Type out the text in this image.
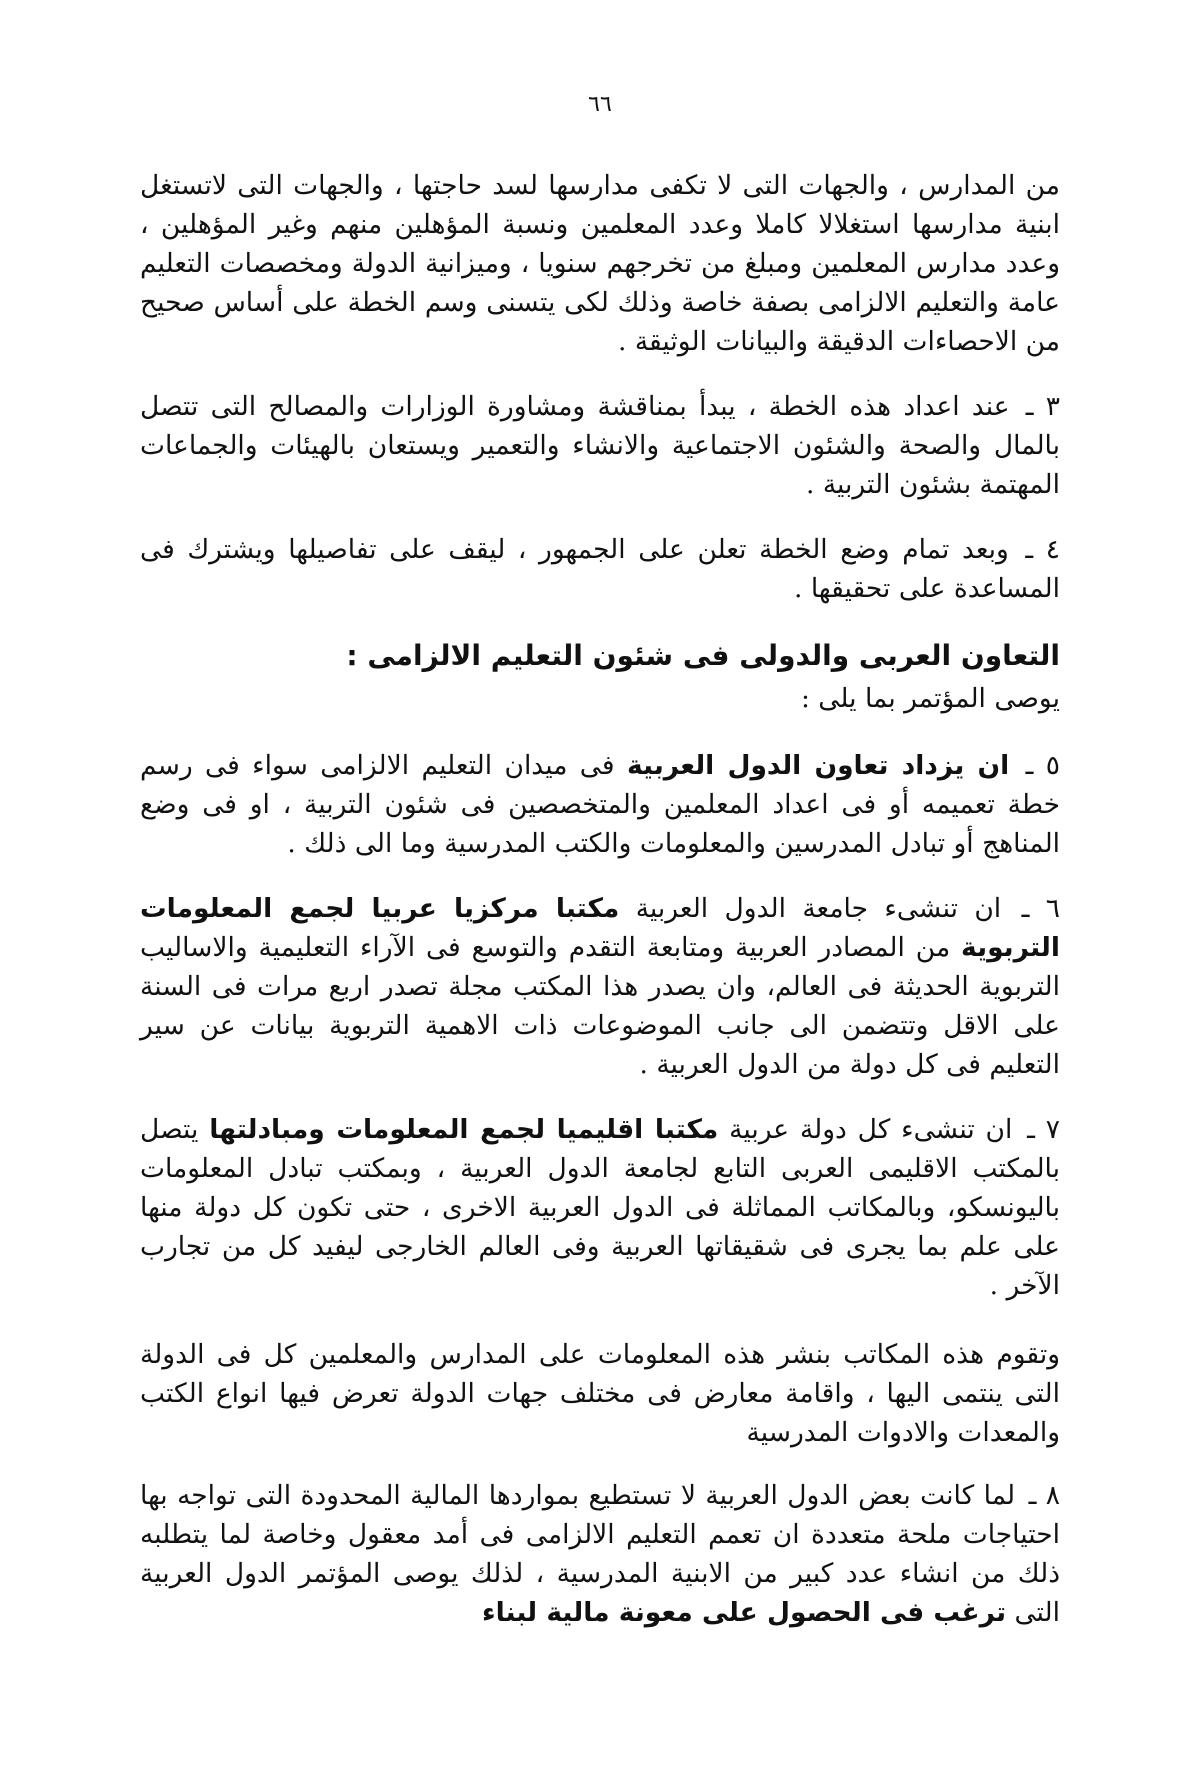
٦٦

من المدارس ، والجهات التى لا تكفى مدارسها لسد حاجتها ، والجهات التى لاتستغل ابنية مدارسها استغلالا كاملا وعدد المعلمين ونسبة المؤهلين منهم وغير المؤهلين ، وعدد مدارس المعلمين ومبلغ من تخرجهم سنويا ، وميزانية الدولة ومخصصات التعليم عامة والتعليم الالزامى بصفة خاصة وذلك لكى يتسنى وسم الخطة على أساس صحيح من الاحصاءات الدقيقة والبيانات الوثيقة .

٣ ـ عند اعداد هذه الخطة ، يبدأ بمناقشة ومشاورة الوزارات والمصالح التى تتصل بالمال والصحة والشئون الاجتماعية والانشاء والتعمير ويستعان بالهيئات والجماعات المهتمة بشئون التربية .

٤ ـ وبعد تمام وضع الخطة تعلن على الجمهور ، ليقف على تفاصيلها ويشترك فى المساعدة على تحقيقها .

التعاون العربى والدولى فى شئون التعليم الالزامى :

يوصى المؤتمر بما يلى :

٥ ـ ان يزداد تعاون الدول العربية فى ميدان التعليم الالزامى سواء فى رسم خطة تعميمه أو فى اعداد المعلمين والمتخصصين فى شئون التربية ، او فى وضع المناهج أو تبادل المدرسين والمعلومات والكتب المدرسية وما الى ذلك .

٦ ـ ان تنشىء جامعة الدول العربية مكتبا مركزيا عربيا لجمع المعلومات التربوية من المصادر العربية ومتابعة التقدم والتوسع فى الآراء التعليمية والاساليب التربوية الحديثة فى العالم، وان يصدر هذا المكتب مجلة تصدر اربع مرات فى السنة على الاقل وتتضمن الى جانب الموضوعات ذات الاهمية التربوية بيانات عن سير التعليم فى كل دولة من الدول العربية .

٧ ـ ان تنشىء كل دولة عربية مكتبا اقليميا لجمع المعلومات ومبادلتها يتصل بالمكتب الاقليمى العربى التابع لجامعة الدول العربية ، وبمكتب تبادل المعلومات باليونسكو، وبالمكاتب المماثلة فى الدول العربية الاخرى ، حتى تكون كل دولة منها على علم بما يجرى فى شقيقاتها العربية وفى العالم الخارجى ليفيد كل من تجارب الآخر .

وتقوم هذه المكاتب بنشر هذه المعلومات على المدارس والمعلمين كل فى الدولة التى ينتمى اليها ، واقامة معارض فى مختلف جهات الدولة تعرض فيها انواع الكتب والمعدات والادوات المدرسية

٨ ـ لما كانت بعض الدول العربية لا تستطيع بمواردها المالية المحدودة التى تواجه بها احتياجات ملحة متعددة ان تعمم التعليم الالزامى فى أمد معقول وخاصة لما يتطلبه ذلك من انشاء عدد كبير من الابنية المدرسية ، لذلك يوصى المؤتمر الدول العربية التى ترغب فى الحصول على معونة مالية لبناء
